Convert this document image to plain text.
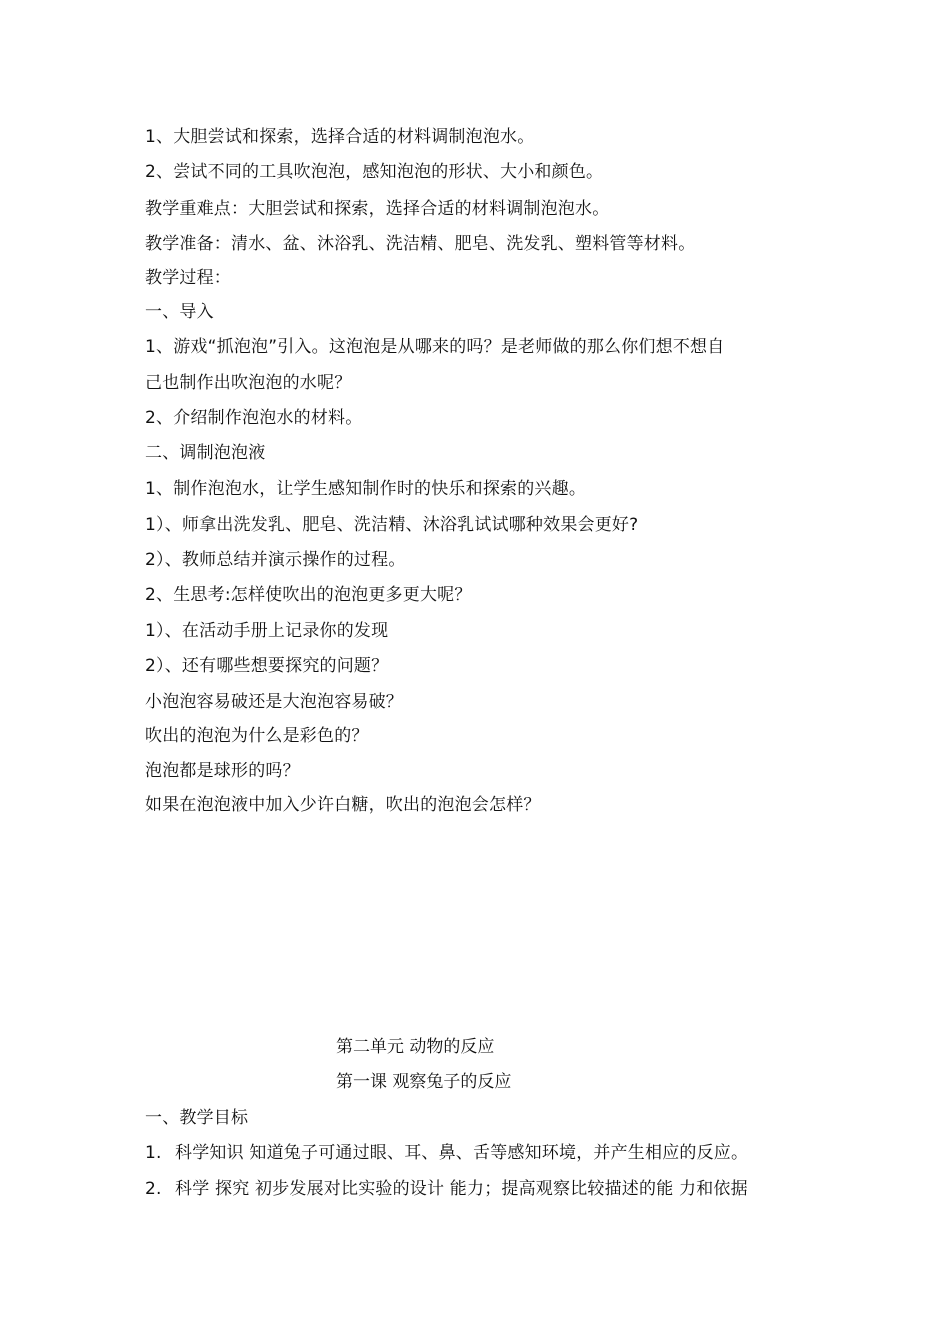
1、大胆尝试和探索，选择合适的材料调制泡泡水。
2、尝试不同的工具吹泡泡，感知泡泡的形状、大小和颜色。
教学重难点：大胆尝试和探索，选择合适的材料调制泡泡水。
教学准备：清水、盆、沐浴乳、洗洁精、肥皂、洗发乳、塑料管等材料。
教学过程：
一、导入
1、游戏“抓泡泡”引入。这泡泡是从哪来的吗？是老师做的那么你们想不想自
己也制作出吹泡泡的水呢？
2、介绍制作泡泡水的材料。
二、调制泡泡液
1、制作泡泡水，让学生感知制作时的快乐和探索的兴趣。
1）、师拿出洗发乳、肥皂、洗洁精、沐浴乳试试哪种效果会更好?
2）、教师总结并演示操作的过程。
2、生思考:怎样使吹出的泡泡更多更大呢？
1）、在活动手册上记录你的发现
2）、还有哪些想要探究的问题？
小泡泡容易破还是大泡泡容易破？
吹出的泡泡为什么是彩色的？
泡泡都是球形的吗？
如果在泡泡液中加入少许白糖，吹出的泡泡会怎样？
第二单元 动物的反应
第一课 观察兔子的反应
一、教学目标
1. 科学知识 知道兔子可通过眼、耳、鼻、舌等感知环境，并产生相应的反应。
2. 科学 探究 初步发展对比实验的设计 能力；提高观察比较描述的能 力和依据
